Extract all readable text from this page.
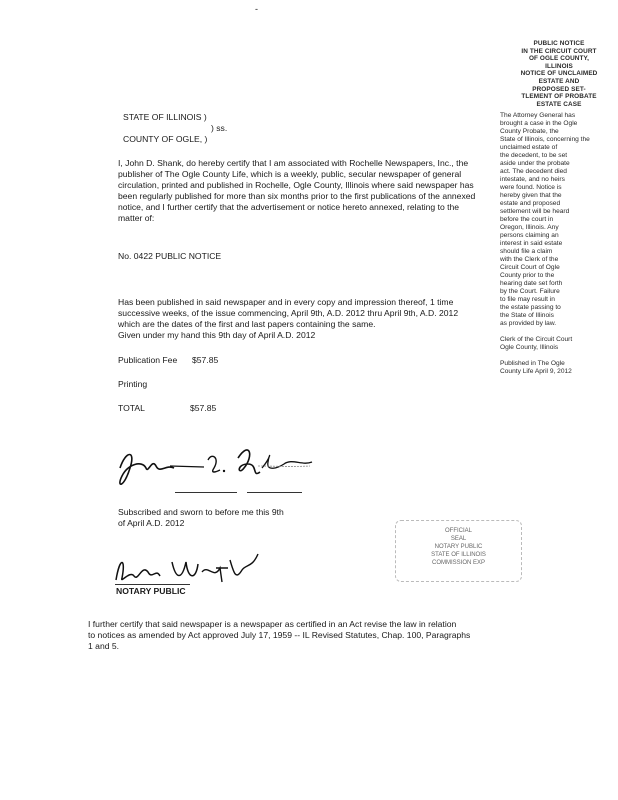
-
STATE OF ILLINOIS )
) ss.
COUNTY OF OGLE, )
I, John D. Shank, do hereby certify that I am associated with Rochelle Newspapers, Inc., the
publisher of The Ogle County Life, which is a weekly, public, secular newspaper of general
circulation, printed and published in Rochelle, Ogle County, Illinois where said newspaper has
been regularly published for more than six months prior to the first publications of the annexed
notice, and I further certify that the advertisement or notice hereto annexed, relating to the
matter of:
No. 0422 PUBLIC NOTICE
Has been published in said newspaper and in every copy and impression thereof, 1 time
successive weeks, of the issue commencing, April 9th, A.D. 2012 thru April 9th, A.D. 2012
which are the dates of the first and last papers containing the same.
Given under my hand this 9th day of April A.D. 2012
Publication Fee $57.85
Printing
TOTAL	$57.85
Subscribed and sworn to before me this 9th
of April A.D. 2012
OFFICIAL
SEAL
NOTARY PUBLIC
STATE OF ILLINOIS
COMMISSION EXP
NOTARY PUBLIC
I further certify that said newspaper is a newspaper as certified in an Act revise the law in relation
to notices as amended by Act approved July 17, 1959 -- IL Revised Statutes, Chap. 100, Paragraphs
1 and 5.
PUBLIC NOTICE
IN THE CIRCUIT COURT
OF OGLE COUNTY,
ILLINOIS
NOTICE OF UNCLAIMED
ESTATE AND
PROPOSED SET-
TLEMENT OF PROBATE
ESTATE CASE
The Attorney General has
brought a case in the Ogle
County Probate, the
State of Illinois, concerning the
unclaimed estate of
the decedent, to be set
aside under the probate
act. The decedent died
intestate, and no heirs
were found. Notice is
hereby given that the
estate and proposed
settlement will be heard
before the court in
Oregon, Illinois. Any
persons claiming an
interest in said estate
should file a claim
with the Clerk of the
Circuit Court of Ogle
County prior to the
hearing date set forth
by the Court. Failure
to file may result in
the estate passing to
the State of Illinois
as provided by law.
Clerk of the Circuit Court
Ogle County, Illinois
Published in The Ogle
County Life April 9, 2012
